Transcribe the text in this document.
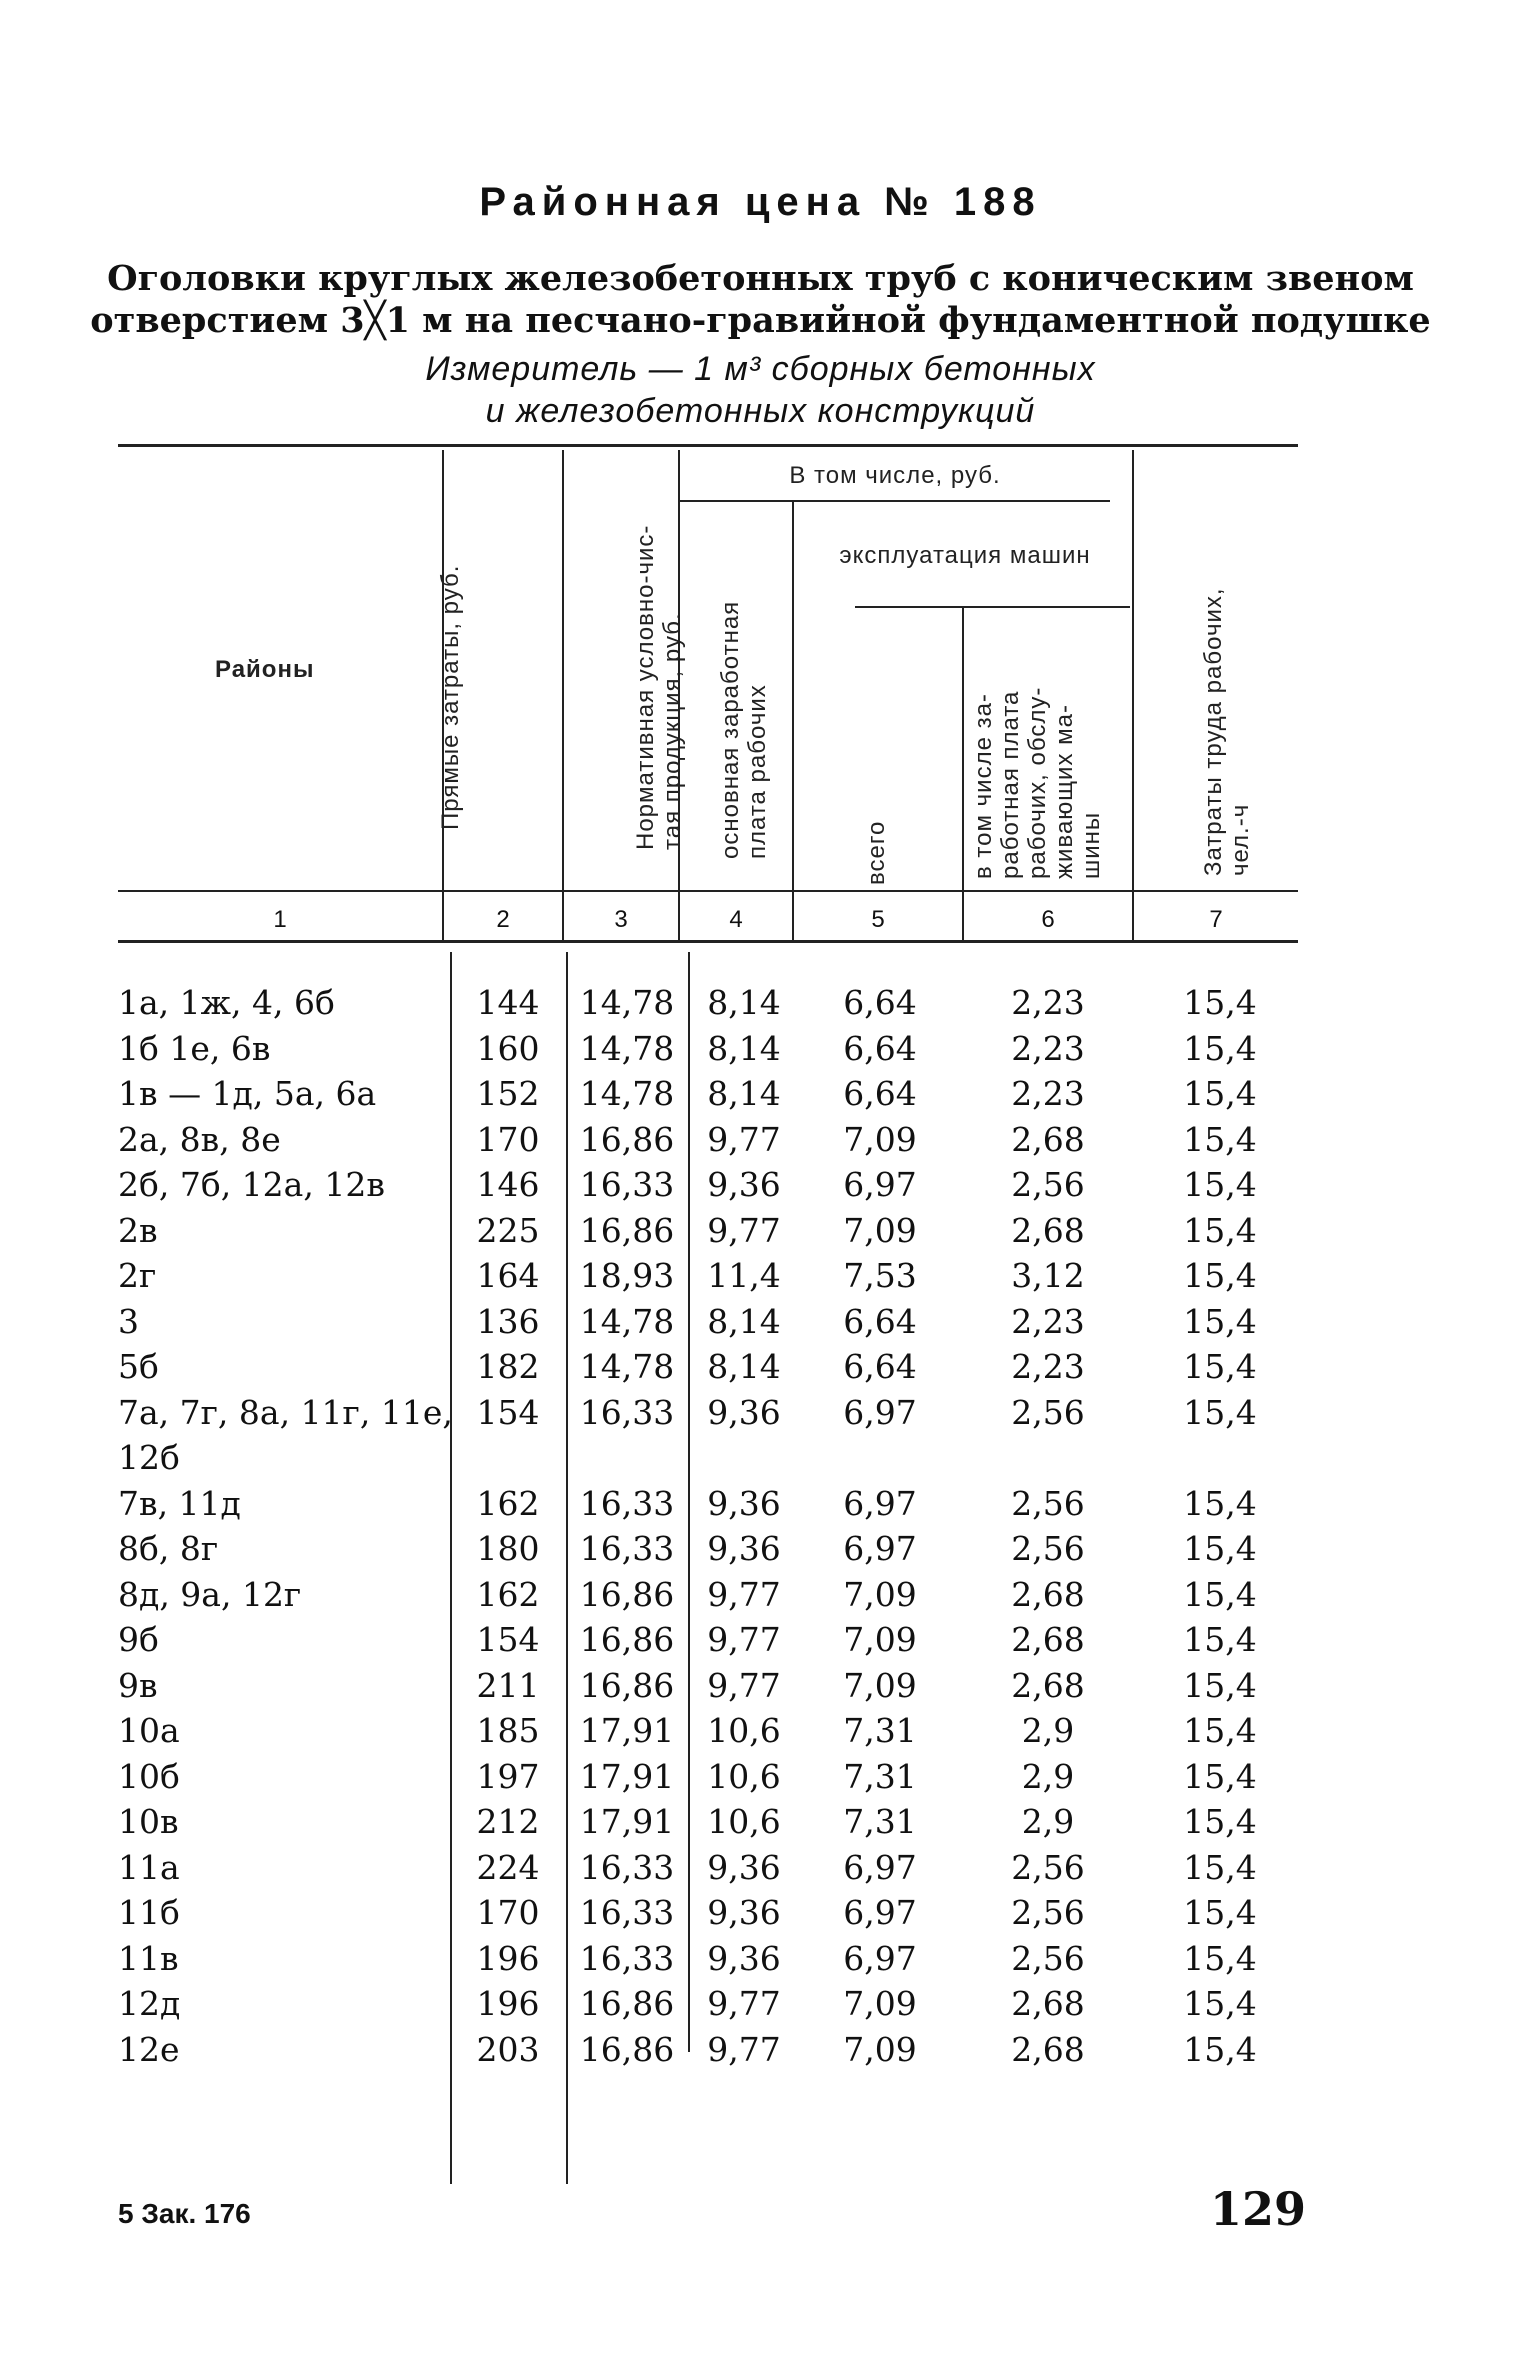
Районная цена № 188
Оголовки круглых железобетонных труб с коническим звеном
отверстием 3╳1 м на песчано-гравийной фундаментной подушке
Измеритель — 1 м³ сборных бетонных
и железобетонных конструкций
Районы	Прямые затраты, руб.	Нормативная условно-чис- тая продукция, руб.
В том числе, руб.
основная заработная плата рабочих
эксплуатация машин
всего	в том числе за- работная плата рабочих, обслу- живающих ма- шины	Затраты труда рабочих, чел.-ч
1	2	3	4	5	6	7
1а, 1ж, 4, 6б	144	14,78	8,14	6,64	2,23	15,4
1б 1е, 6в	160	14,78	8,14	6,64	2,23	15,4
1в — 1д, 5а, 6а	152	14,78	8,14	6,64	2,23	15,4
2а, 8в, 8е	170	16,86	9,77	7,09	2,68	15,4
2б, 7б, 12а, 12в	146	16,33	9,36	6,97	2,56	15,4
2в	225	16,86	9,77	7,09	2,68	15,4
2г	164	18,93	11,4	7,53	3,12	15,4
3	136	14,78	8,14	6,64	2,23	15,4
5б	182	14,78	8,14	6,64	2,23	15,4
7а, 7г, 8а, 11г, 11е, 154	16,33	9,36	6,97	2,56	15,4
12б
7в, 11д	162	16,33	9,36	6,97	2,56	15,4
8б, 8г	180	16,33	9,36	6,97	2,56	15,4
8д, 9а, 12г	162	16,86	9,77	7,09	2,68	15,4
9б	154	16,86	9,77	7,09	2,68	15,4
9в	211	16,86	9,77	7,09	2,68	15,4
10а	185	17,91	10,6	7,31	2,9	15,4
10б	197	17,91	10,6	7,31	2,9	15,4
10в	212	17,91	10,6	7,31	2,9	15,4
11а	224	16,33	9,36	6,97	2,56	15,4
11б	170	16,33	9,36	6,97	2,56	15,4
11в	196	16,33	9,36	6,97	2,56	15,4
12д	196	16,86	9,77	7,09	2,68	15,4
12е	203	16,86	9,77	7,09	2,68	15,4
5 Зак. 176	129
